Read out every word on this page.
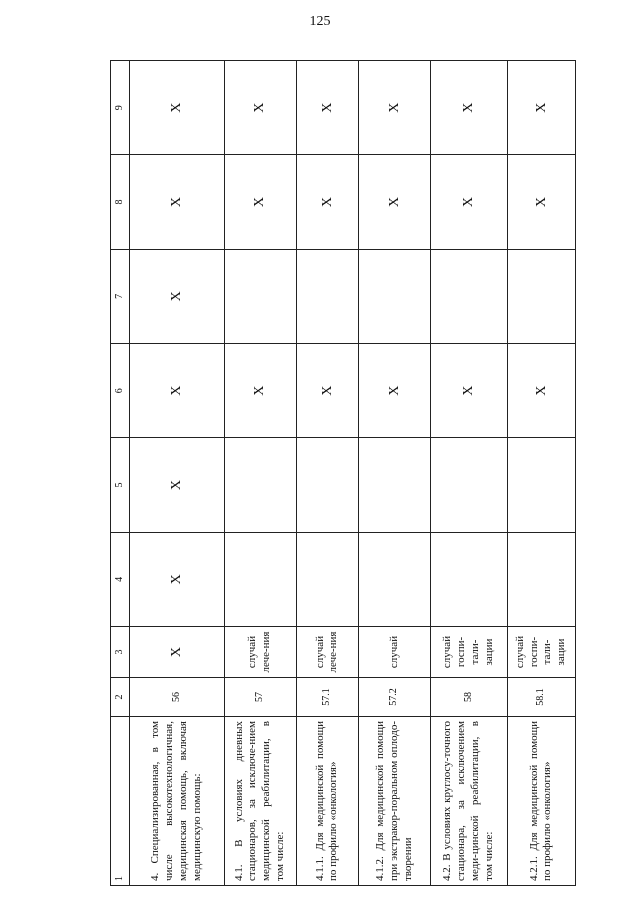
125
1	2	3	4	5	6	7	8	9
4. Специализированная, в том числе высокотехнологичная, медицинская помощь, включая медицинскую помощь:	56	Х	Х	Х	Х	Х	Х	Х
4.1. В условиях дневных стационаров, за исключе-нием медицинской реабилитации, в том числе:	57	случай лече-ния			Х		Х	Х
4.1.1. Для медицинской помощи по профилю «онкология»	57.1	случай лече-ния			Х		Х	Х
4.1.2. Для медицинской помощи при экстракор-поральном оплодо-творении	57.2	случай			Х		Х	Х
4.2. В условиях круглосу-точного стационара, за исключением меди-цинской реабилитации, в том числе:	58	случай госпи-тали-зации			Х		Х	Х
4.2.1. Для медицинской помощи по профилю «онкология»	58.1	случай госпи-тали-зации			Х		Х	Х
